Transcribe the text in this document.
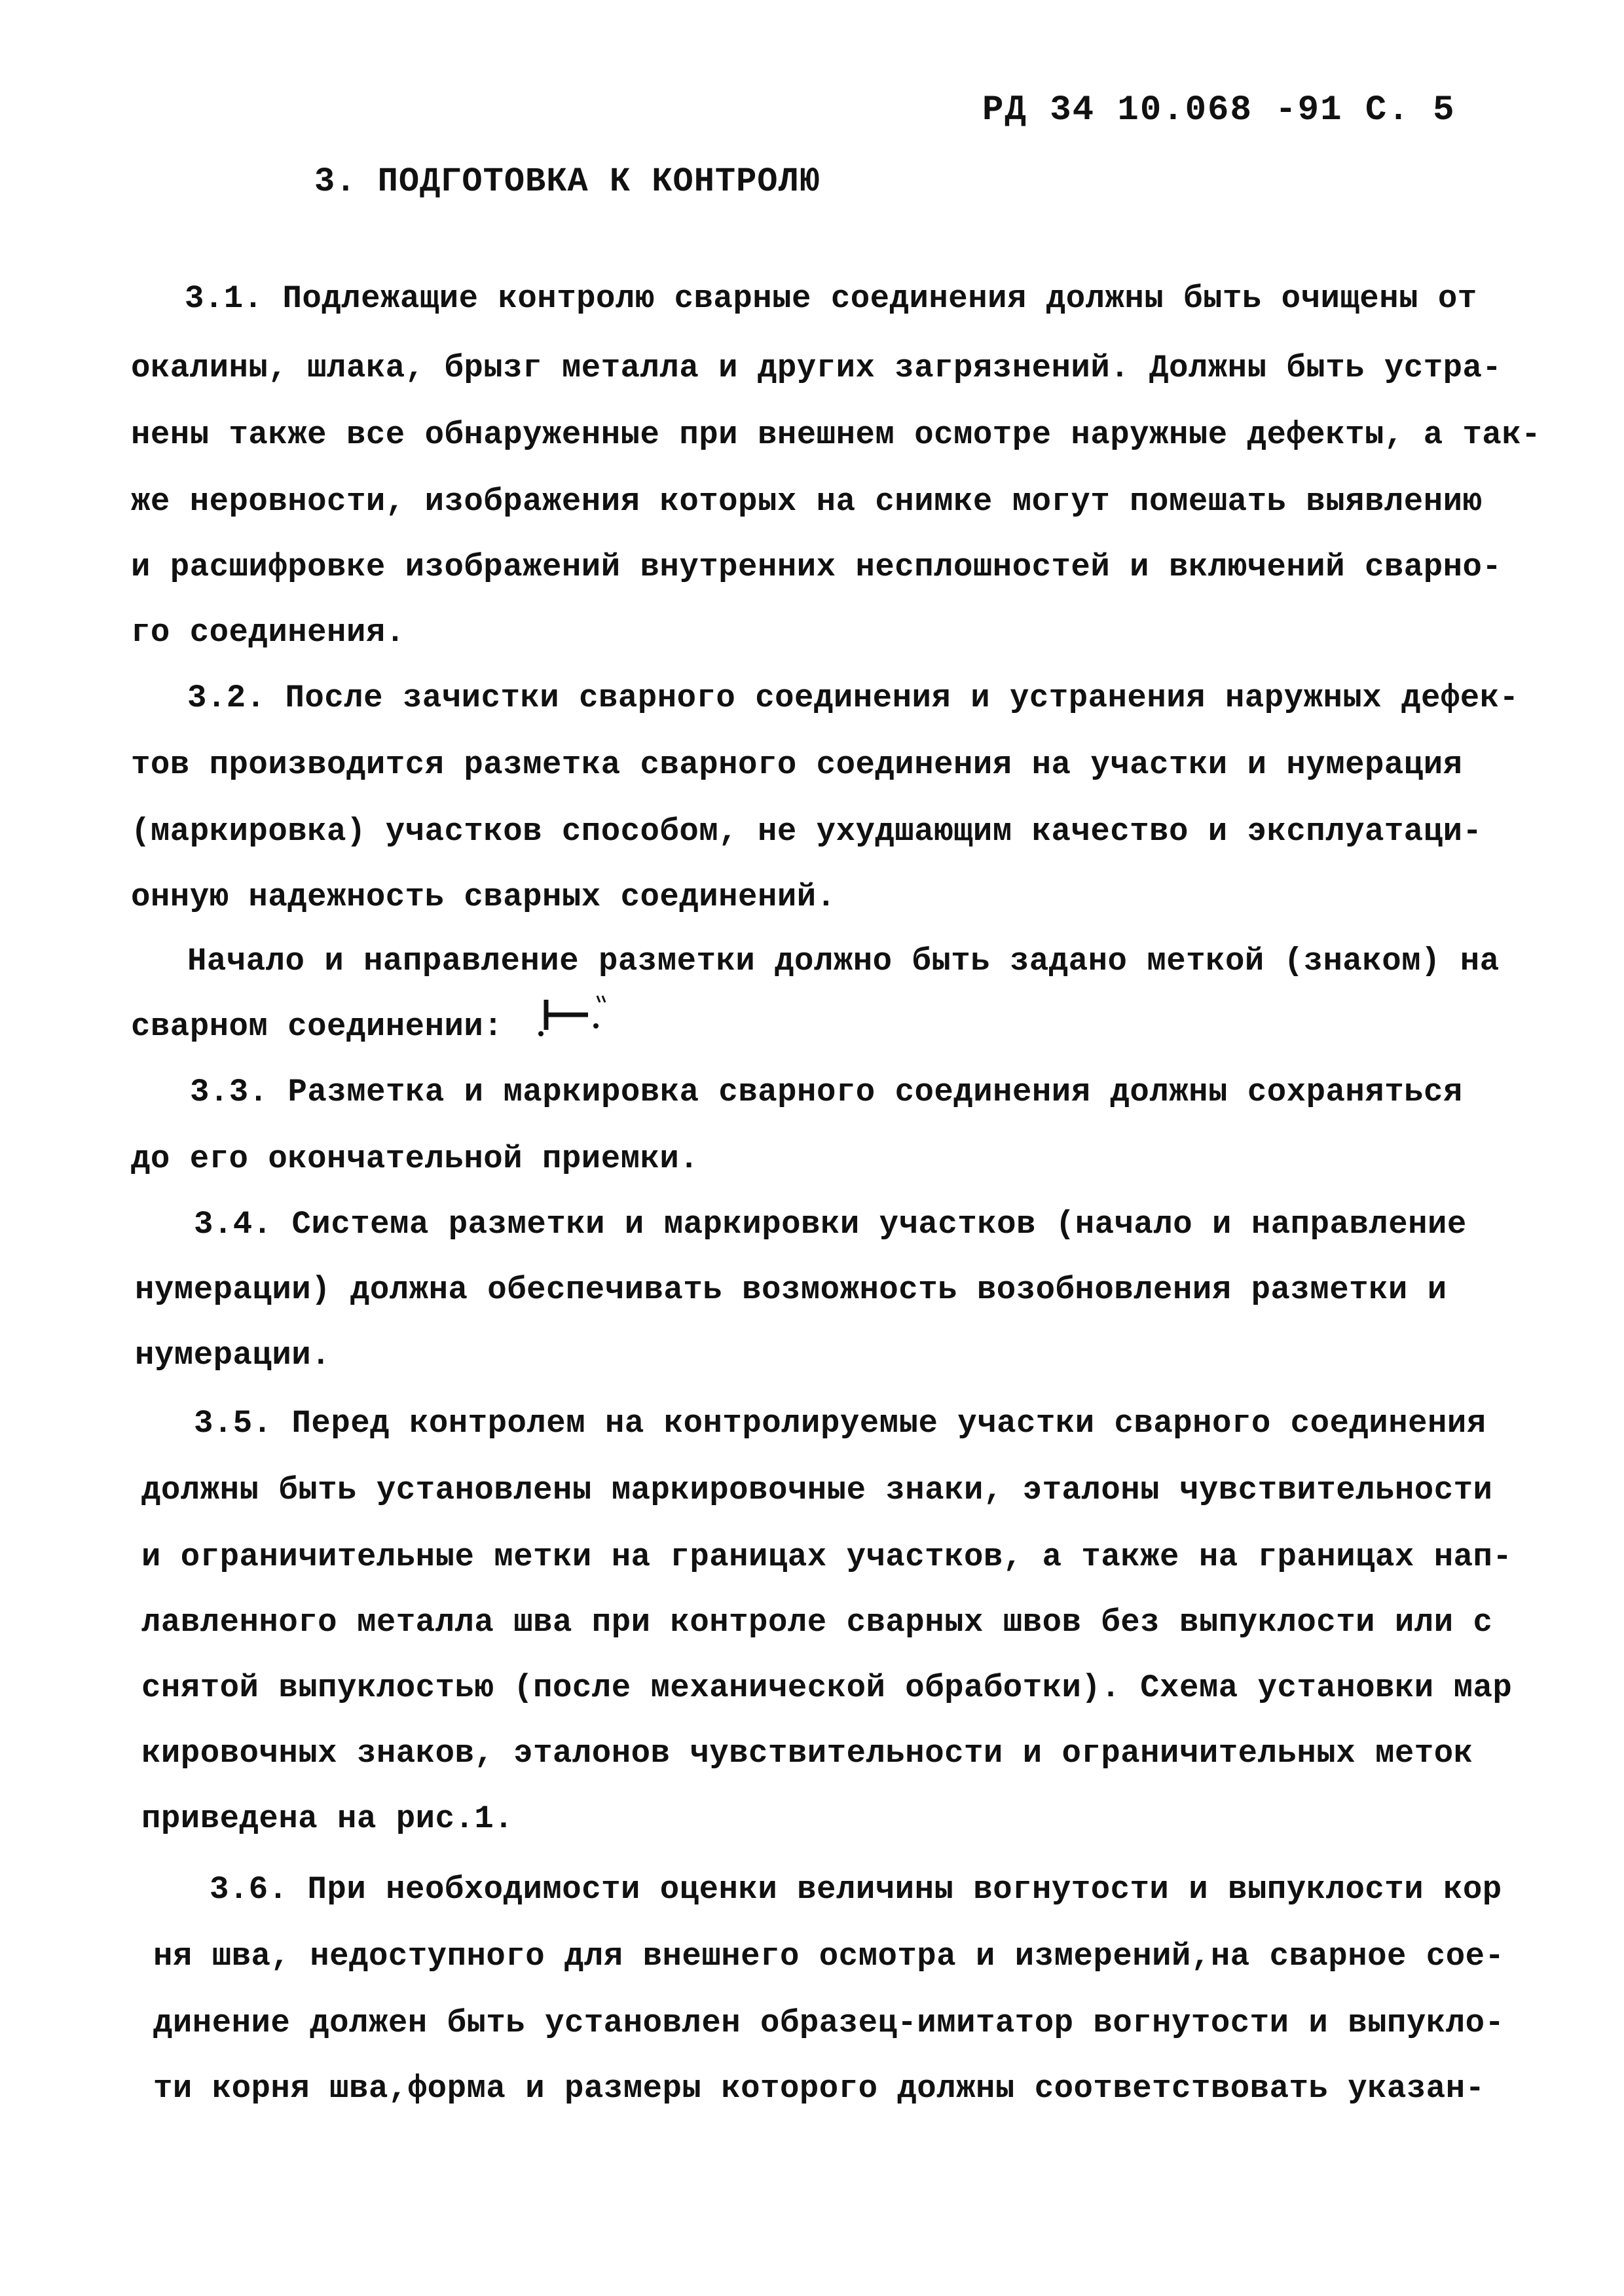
РД 34 10.068 -91 С. 5
3. ПОДГОТОВКА К КОНТРОЛЮ
3.1. Подлежащие контролю сварные соединения должны быть очищены от
окалины, шлака, брызг металла и других загрязнений. Должны быть устра-
нены также все обнаруженные при внешнем осмотре наружные дефекты, а так-
же неровности, изображения которых на снимке могут помешать выявлению
и расшифровке изображений внутренних несплошностей и включений сварно-
го соединения.
3.2. После зачистки сварного соединения и устранения наружных дефек-
тов производится разметка сварного соединения на участки и нумерация
(маркировка) участков способом, не ухудшающим качество и эксплуатаци-
онную надежность сварных соединений.
Начало и направление разметки должно быть задано меткой (знаком) на
сварном соединении:
3.3. Разметка и маркировка сварного соединения должны сохраняться
до его окончательной приемки.
3.4. Система разметки и маркировки участков (начало и направление
нумерации) должна обеспечивать возможность возобновления разметки и
нумерации.
3.5. Перед контролем на контролируемые участки сварного соединения
должны быть установлены маркировочные знаки, эталоны чувствительности
и ограничительные метки на границах участков, а также на границах нап-
лавленного металла шва при контроле сварных швов без выпуклости или с
снятой выпуклостью (после механической обработки). Схема установки мар
кировочных знаков, эталонов чувствительности и ограничительных меток
приведена на рис.1.
3.6. При необходимости оценки величины вогнутости и выпуклости кор
ня шва, недоступного для внешнего осмотра и измерений,на сварное сое-
динение должен быть установлен образец-имитатор вогнутости и выпукло-
ти корня шва,форма и размеры которого должны соответствовать указан-
